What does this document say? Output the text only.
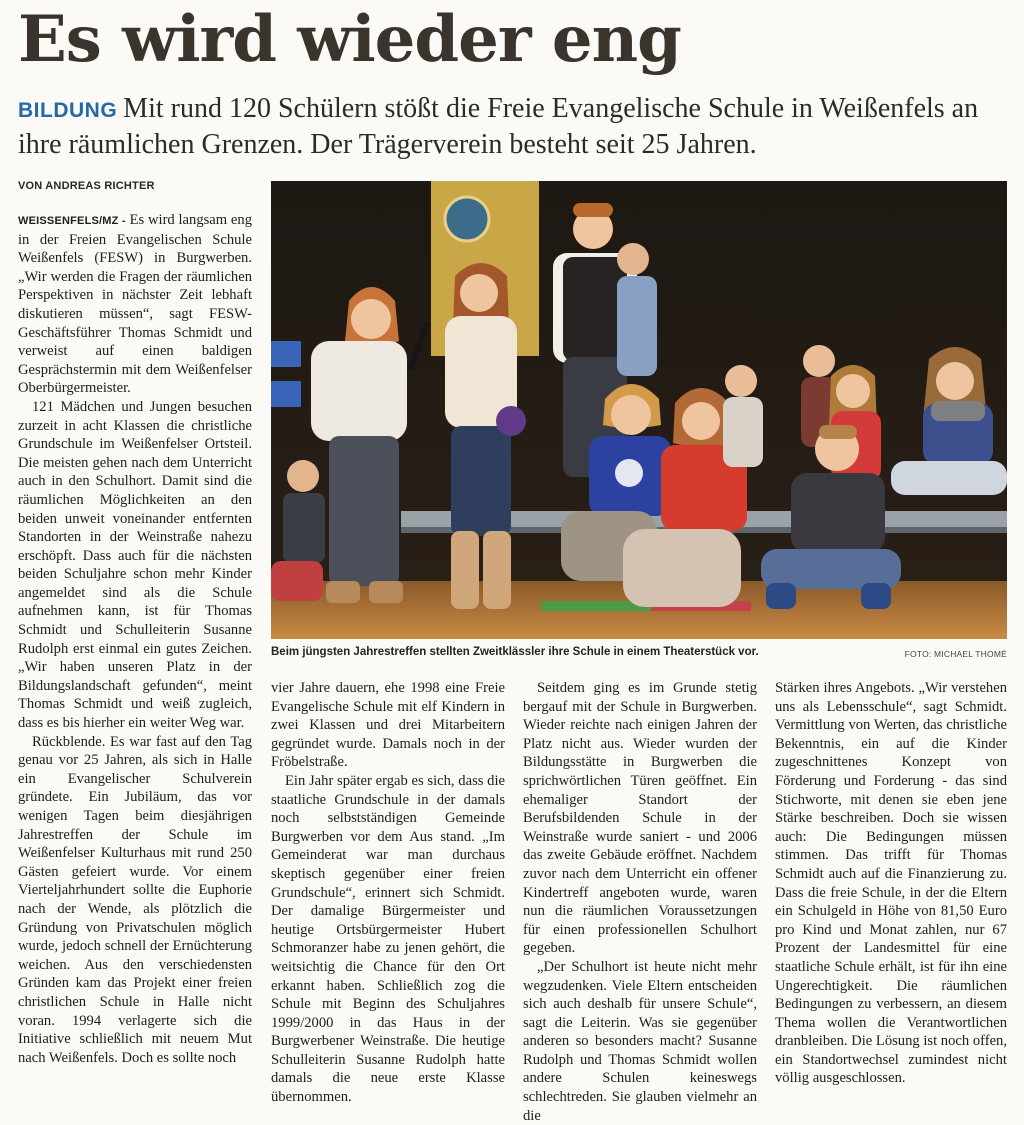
Es wird wieder eng
BILDUNG Mit rund 120 Schülern stößt die Freie Evangelische Schule in Weißenfels an ihre räumlichen Grenzen. Der Trägerverein besteht seit 25 Jahren.
VON ANDREAS RICHTER
Beim jüngsten Jahrestreffen stellten Zweitklässler ihre Schule in einem Theaterstück vor.	FOTO: MICHAEL THOMÉ

WEISSENFELS/MZ - Es wird langsam eng in der Freien Evangelischen Schule Weißenfels (FESW) in Burgwerben. „Wir werden die Fragen der räumlichen Perspektiven in nächster Zeit lebhaft diskutieren müssen“, sagt FESW-Geschäftsführer Thomas Schmidt und verweist auf einen baldigen Gesprächstermin mit dem Weißenfelser Oberbürgermeister.

121 Mädchen und Jungen besuchen zurzeit in acht Klassen die christliche Grundschule im Weißenfelser Ortsteil. Die meisten gehen nach dem Unterricht auch in den Schulhort. Damit sind die räumlichen Möglichkeiten an den beiden unweit voneinander entfernten Standorten in der Weinstraße nahezu erschöpft. Dass auch für die nächsten beiden Schuljahre schon mehr Kinder angemeldet sind als die Schule aufnehmen kann, ist für Thomas Schmidt und Schulleiterin Susanne Rudolph erst einmal ein gutes Zeichen. „Wir haben unseren Platz in der Bildungslandschaft gefunden“, meint Thomas Schmidt und weiß zugleich, dass es bis hierher ein weiter Weg war.

Rückblende. Es war fast auf den Tag genau vor 25 Jahren, als sich in Halle ein Evangelischer Schulverein gründete. Ein Jubiläum, das vor wenigen Tagen beim diesjährigen Jahrestreffen der Schule im Weißenfelser Kulturhaus mit rund 250 Gästen gefeiert wurde. Vor einem Vierteljahrhundert sollte die Euphorie nach der Wende, als plötzlich die Gründung von Privatschulen möglich wurde, jedoch schnell der Ernüchterung weichen. Aus den verschiedensten Gründen kam das Projekt einer freien christlichen Schule in Halle nicht voran. 1994 verlagerte sich die Initiative schließlich mit neuem Mut nach Weißenfels. Doch es sollte noch

vier Jahre dauern, ehe 1998 eine Freie Evangelische Schule mit elf Kindern in zwei Klassen und drei Mitarbeitern gegründet wurde. Damals noch in der Fröbelstraße.

Ein Jahr später ergab es sich, dass die staatliche Grundschule in der damals noch selbstständigen Gemeinde Burgwerben vor dem Aus stand. „Im Gemeinderat war man durchaus skeptisch gegenüber einer freien Grundschule“, erinnert sich Schmidt. Der damalige Bürgermeister und heutige Ortsbürgermeister Hubert Schmoranzer habe zu jenen gehört, die weitsichtig die Chance für den Ort erkannt haben. Schließlich zog die Schule mit Beginn des Schuljahres 1999/2000 in das Haus in der Burgwerbener Weinstraße. Die heutige Schulleiterin Susanne Rudolph hatte damals die neue erste Klasse übernommen.

Seitdem ging es im Grunde stetig bergauf mit der Schule in Burgwerben. Wieder reichte nach einigen Jahren der Platz nicht aus. Wieder wurden der Bildungsstätte in Burgwerben die sprichwörtlichen Türen geöffnet. Ein ehemaliger Standort der Berufsbildenden Schule in der Weinstraße wurde saniert - und 2006 das zweite Gebäude eröffnet. Nachdem zuvor nach dem Unterricht ein offener Kindertreff angeboten wurde, waren nun die räumlichen Voraussetzungen für einen professionellen Schulhort gegeben.

„Der Schulhort ist heute nicht mehr wegzudenken. Viele Eltern entscheiden sich auch deshalb für unsere Schule“, sagt die Leiterin. Was sie gegenüber anderen so besonders macht? Susanne Rudolph und Thomas Schmidt wollen andere Schulen keineswegs schlechtreden. Sie glauben vielmehr an die

Stärken ihres Angebots. „Wir verstehen uns als Lebensschule“, sagt Schmidt. Vermittlung von Werten, das christliche Bekenntnis, ein auf die Kinder zugeschnittenes Konzept von Förderung und Forderung - das sind Stichworte, mit denen sie eben jene Stärke beschreiben. Doch sie wissen auch: Die Bedingungen müssen stimmen. Das trifft für Thomas Schmidt auch auf die Finanzierung zu. Dass die freie Schule, in der die Eltern ein Schulgeld in Höhe von 81,50 Euro pro Kind und Monat zahlen, nur 67 Prozent der Landesmittel für eine staatliche Schule erhält, ist für ihn eine Ungerechtigkeit. Die räumlichen Bedingungen zu verbessern, an diesem Thema wollen die Verantwortlichen dranbleiben. Die Lösung ist noch offen, ein Standortwechsel zumindest nicht völlig ausgeschlossen.
